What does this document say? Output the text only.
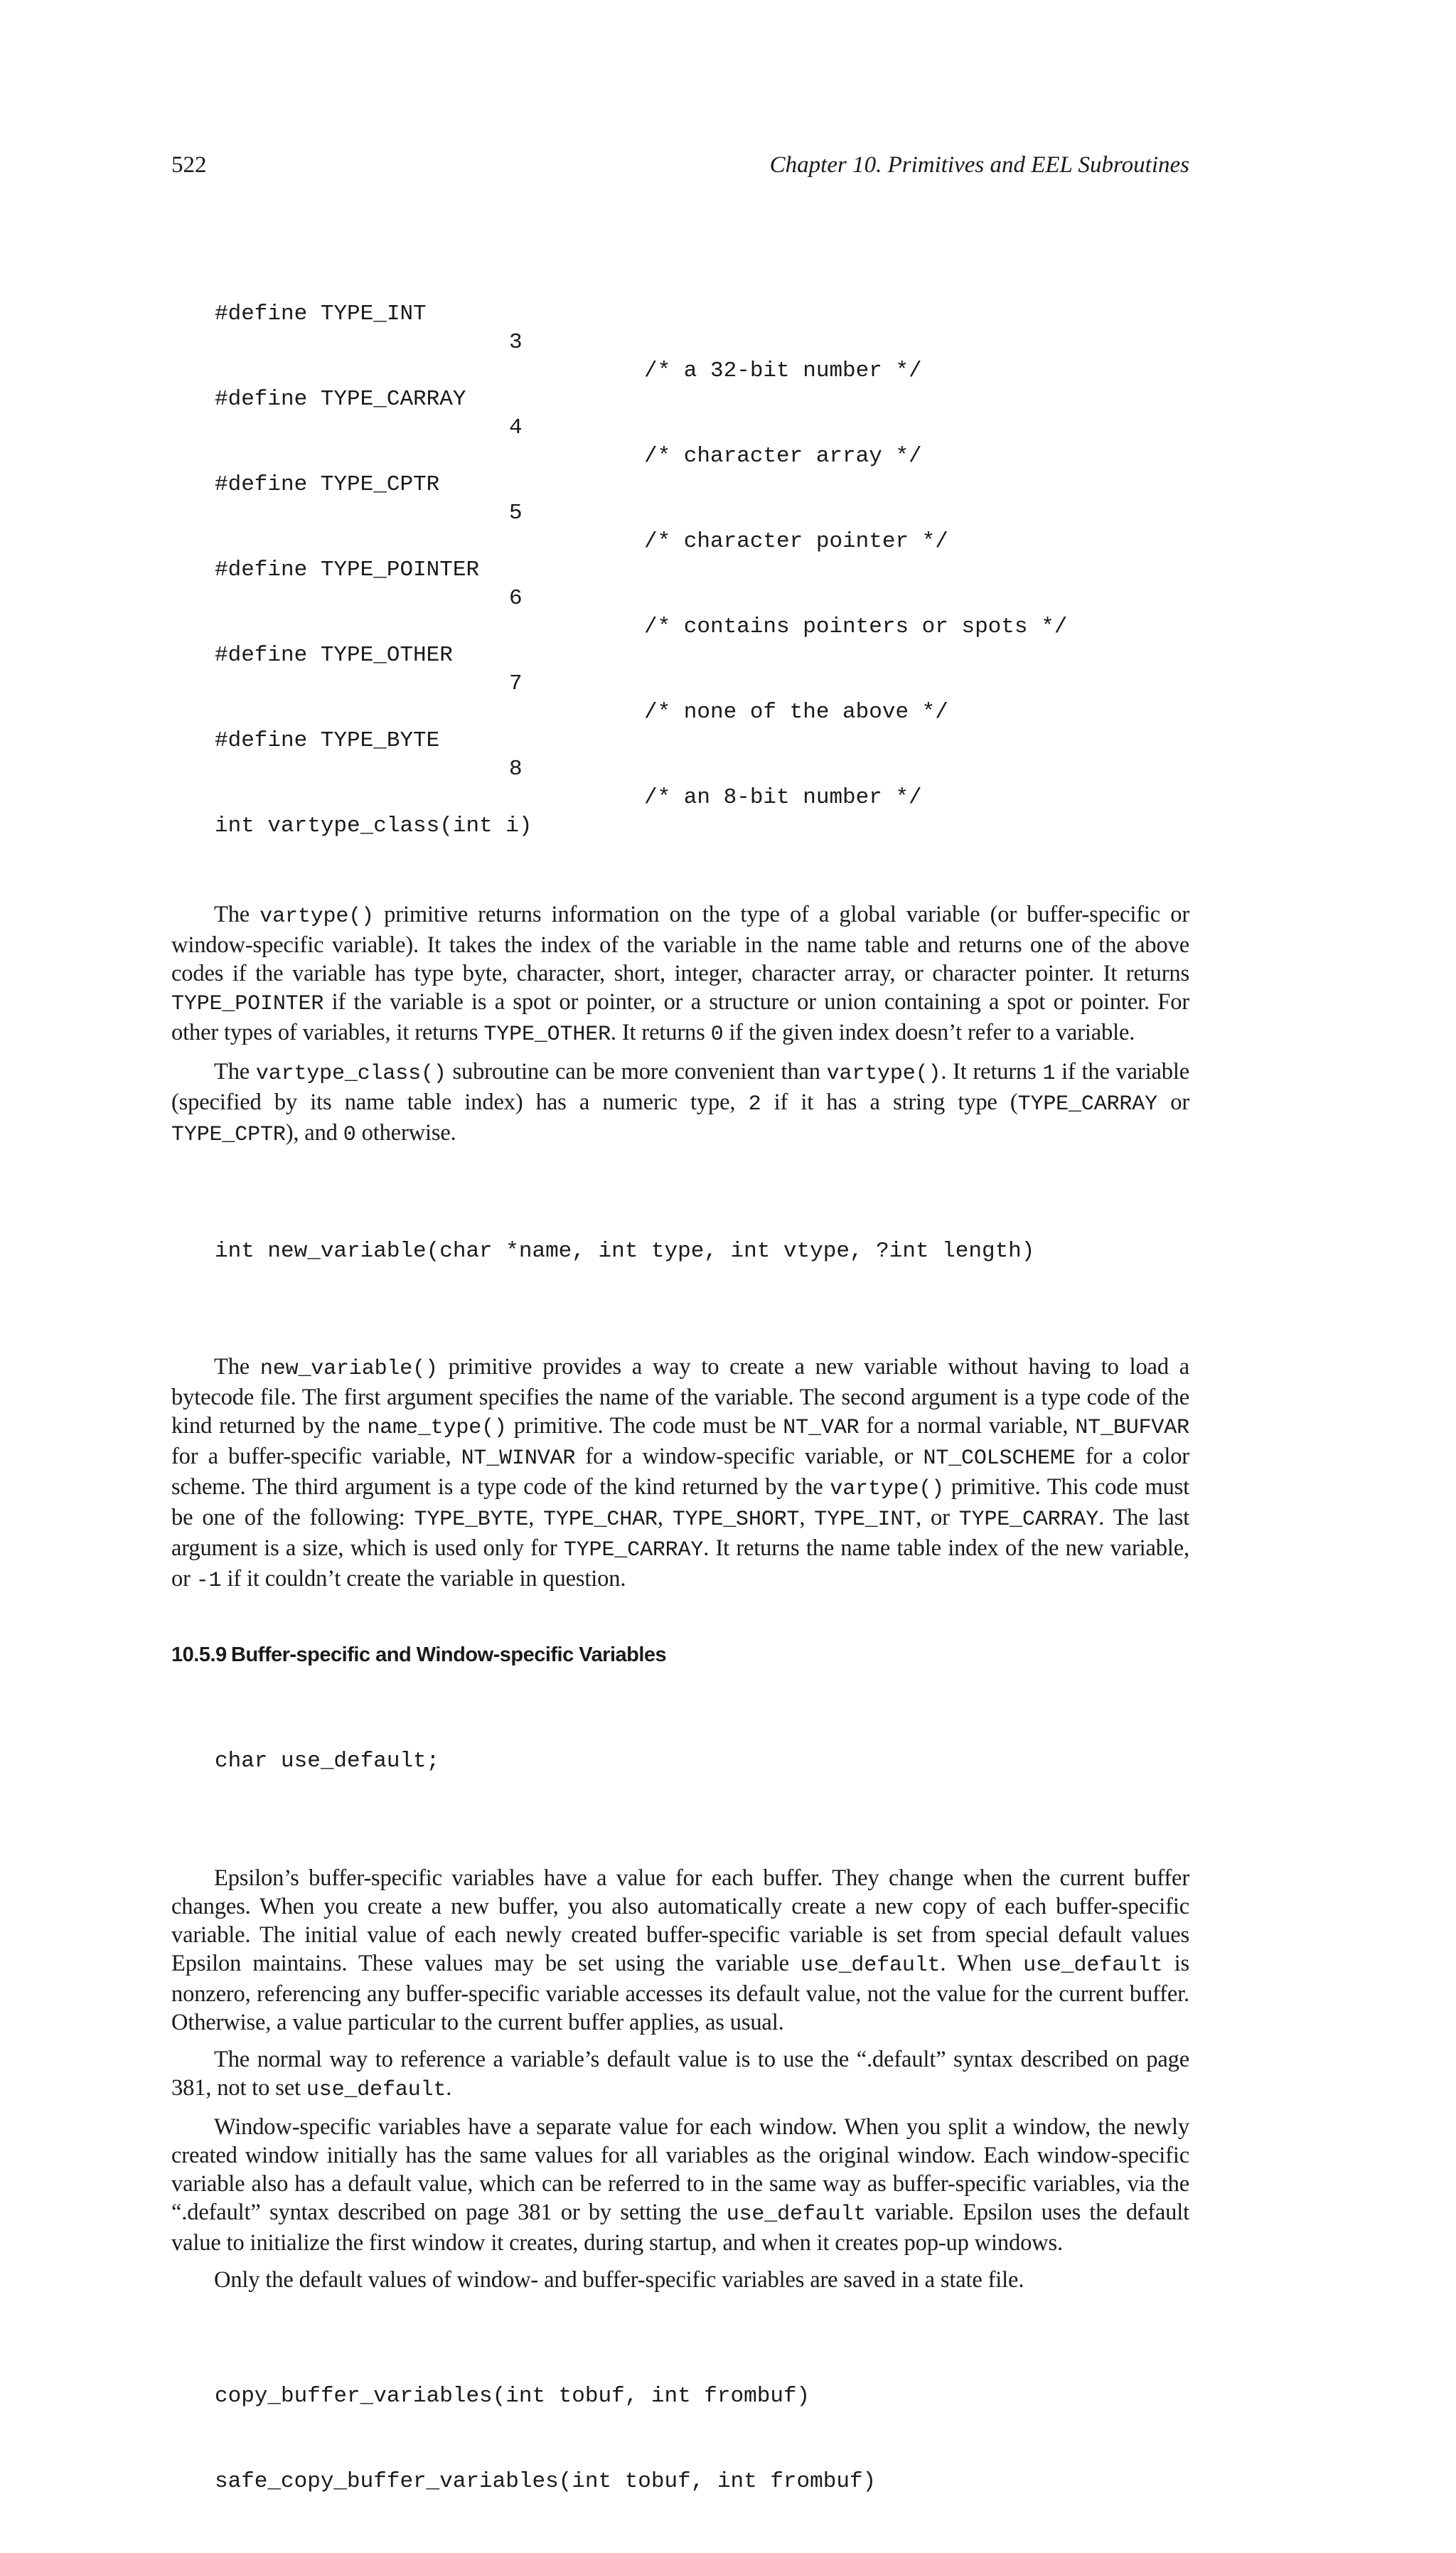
522	Chapter 10. Primitives and EEL Subroutines

#define TYPE_INT

3

/* a 32-bit number */

#define TYPE_CARRAY

4

/* character array */

#define TYPE_CPTR

5

/* character pointer */

#define TYPE_POINTER

6

/* contains pointers or spots */

#define TYPE_OTHER

7

/* none of the above */

#define TYPE_BYTE

8

/* an 8-bit number */

int vartype_class(int i)

The vartype() primitive returns information on the type of a global variable (or buffer-specific or window-specific variable). It takes the index of the variable in the name table and returns one of the above codes if the variable has type byte, character, short, integer, character array, or character pointer. It returns TYPE_POINTER if the variable is a spot or pointer, or a structure or union containing a spot or pointer. For other types of variables, it returns TYPE_OTHER. It returns 0 if the given index doesn’t refer to a variable.

The vartype_class() subroutine can be more convenient than vartype(). It returns 1 if the variable (specified by its name table index) has a numeric type, 2 if it has a string type (TYPE_CARRAY or TYPE_CPTR), and 0 otherwise.

int new_variable(char *name, int type, int vtype, ?int length)

The new_variable() primitive provides a way to create a new variable without having to load a bytecode file. The first argument specifies the name of the variable. The second argument is a type code of the kind returned by the name_type() primitive. The code must be NT_VAR for a normal variable, NT_BUFVAR for a buffer-specific variable, NT_WINVAR for a window-specific variable, or NT_COLSCHEME for a color scheme. The third argument is a type code of the kind returned by the vartype() primitive. This code must be one of the following: TYPE_BYTE, TYPE_CHAR, TYPE_SHORT, TYPE_INT, or TYPE_CARRAY. The last argument is a size, which is used only for TYPE_CARRAY. It returns the name table index of the new variable, or -1 if it couldn’t create the variable in question.

10.5.9 Buffer-specific and Window-specific Variables

char use_default;

Epsilon’s buffer-specific variables have a value for each buffer. They change when the current buffer changes. When you create a new buffer, you also automatically create a new copy of each buffer-specific variable. The initial value of each newly created buffer-specific variable is set from special default values Epsilon maintains. These values may be set using the variable use_default. When use_default is nonzero, referencing any buffer-specific variable accesses its default value, not the value for the current buffer. Otherwise, a value particular to the current buffer applies, as usual.

The normal way to reference a variable’s default value is to use the “.default” syntax described on page 381, not to set use_default.

Window-specific variables have a separate value for each window. When you split a window, the newly created window initially has the same values for all variables as the original window. Each window-specific variable also has a default value, which can be referred to in the same way as buffer-specific variables, via the “.default” syntax described on page 381 or by setting the use_default variable. Epsilon uses the default value to initialize the first window it creates, during startup, and when it creates pop-up windows.

Only the default values of window- and buffer-specific variables are saved in a state file.

copy_buffer_variables(int tobuf, int frombuf)

safe_copy_buffer_variables(int tobuf, int frombuf)
